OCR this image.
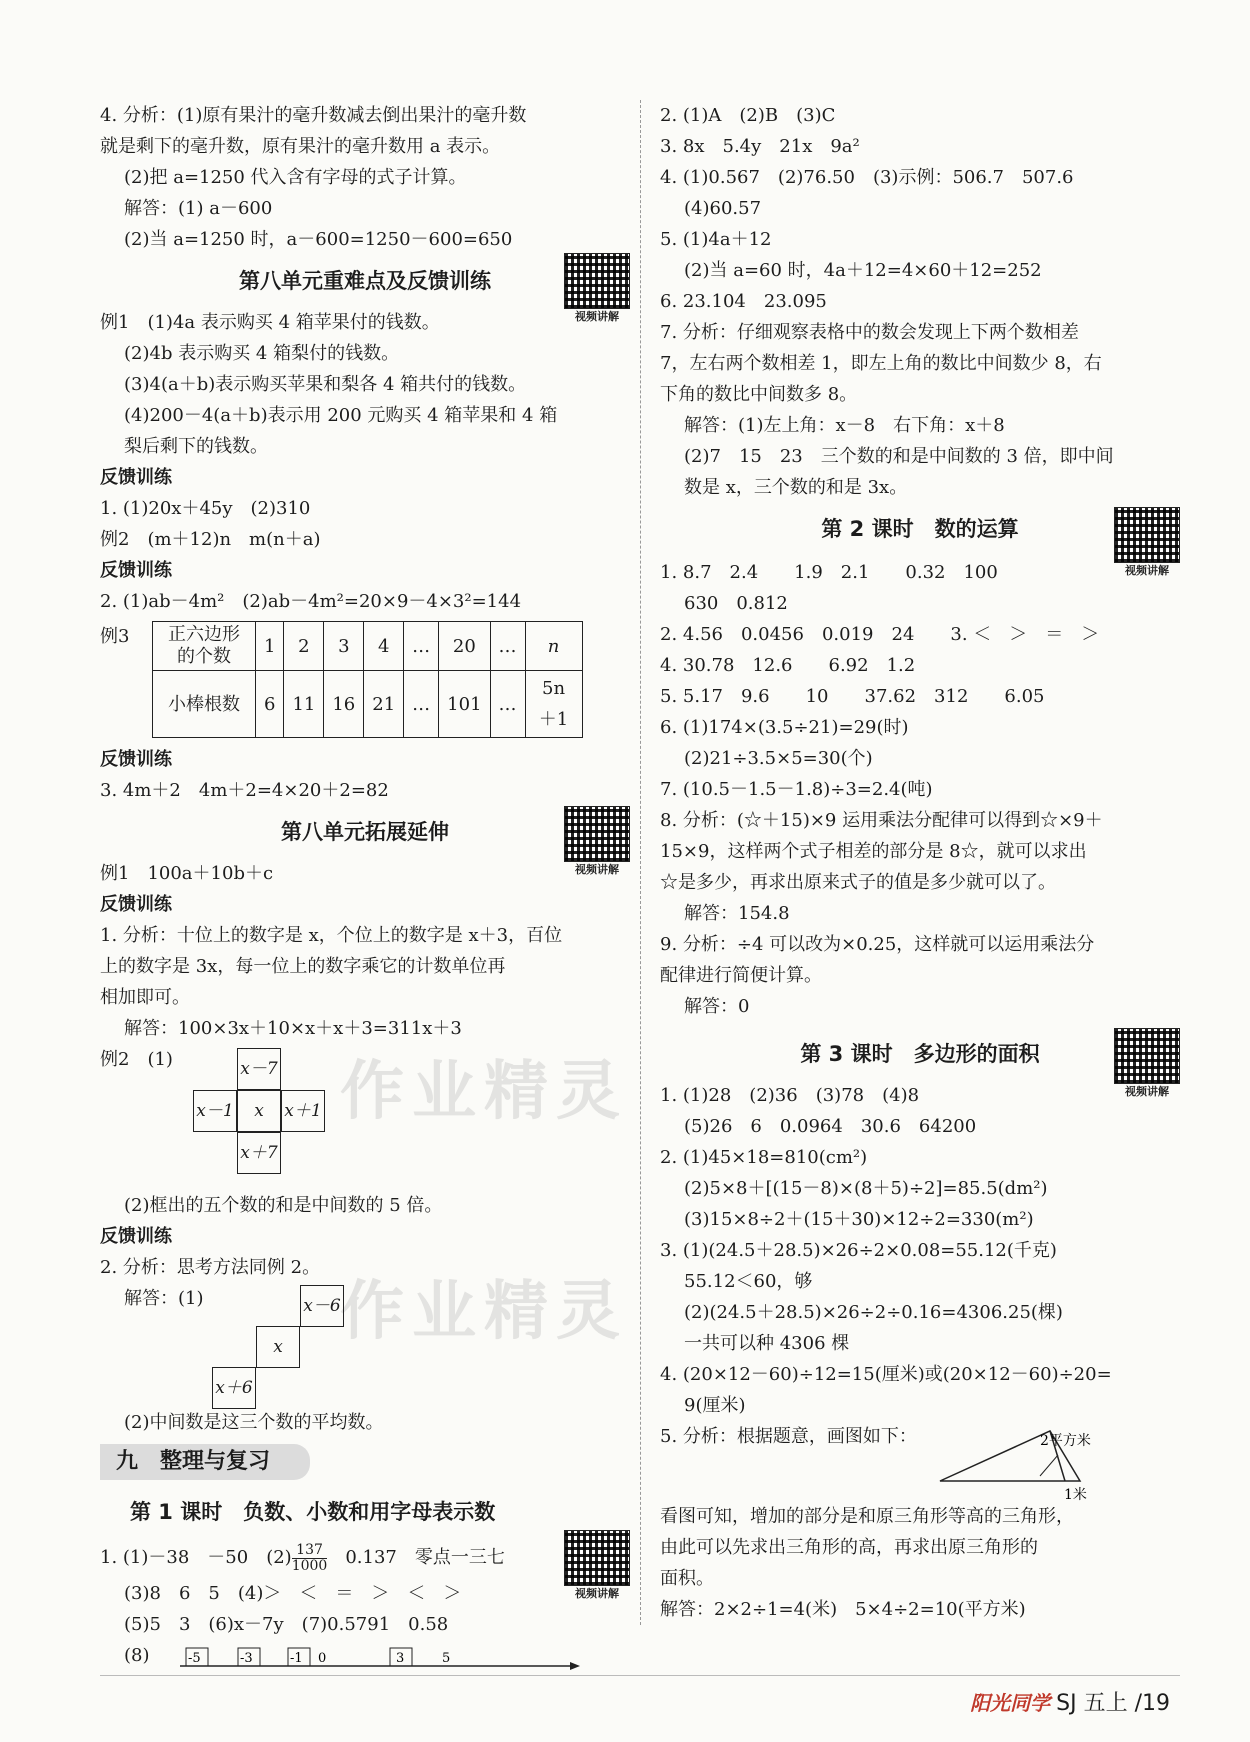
作业精灵
作业精灵
4. 分析：(1)原有果汁的毫升数减去倒出果汁的毫升数
就是剩下的毫升数，原有果汁的毫升数用 a 表示。
(2)把 a=1250 代入含有字母的式子计算。
解答：(1) a－600
(2)当 a=1250 时，a－600=1250－600=650
第八单元重难点及反馈训练
视频讲解
例1　(1)4a 表示购买 4 箱苹果付的钱数。
(2)4b 表示购买 4 箱梨付的钱数。
(3)4(a＋b)表示购买苹果和梨各 4 箱共付的钱数。
(4)200－4(a＋b)表示用 200 元购买 4 箱苹果和 4 箱
梨后剩下的钱数。
反馈训练
1. (1)20x＋45y　(2)310
例2　(m＋12)n　m(n＋a)
反馈训练
2. (1)ab－4m²　(2)ab－4m²=20×9－4×3²=144
例3 正六边形的个数	1	2	3	4	…	20	…	n
小棒根数	6	11	16	21	…	101	…	5n＋1
反馈训练
3. 4m＋2　4m＋2=4×20＋2=82
第八单元拓展延伸
视频讲解
例1　100a＋10b＋c
反馈训练
1. 分析：十位上的数字是 x，个位上的数字是 x＋3，百位
上的数字是 3x，每一位上的数字乘它的计数单位再
相加即可。
解答：100×3x＋10×x＋x＋3=311x＋3
例2　(1)	x－7
x－1	x	x＋1
x＋7
(2)框出的五个数的和是中间数的 5 倍。
反馈训练
2. 分析：思考方法同例 2。
解答：(1)	x－6
x
x＋6
(2)中间数是这三个数的平均数。
九　整理与复习
第 1 课时　负数、小数和用字母表示数
视频讲解
1. (1)－38　－50　$(2) \frac{137}{1000}$ 　0.137　零点一三七
(3)8　6　5　(4)＞　＜　＝　＞　＜　＞
(5)5　3　(6)x－7y　(7)0.5791　0.58
(8)	-5	-3	-1 0	3	5
2. (1)A　(2)B　(3)C
3. 8x　5.4y　21x　9a²
4. (1)0.567　(2)76.50　(3)示例：506.7　507.6
(4)60.57
5. (1)4a＋12
(2)当 a=60 时，4a＋12=4×60＋12=252
6. 23.104　23.095
7. 分析：仔细观察表格中的数会发现上下两个数相差
7，左右两个数相差 1，即左上角的数比中间数少 8，右
下角的数比中间数多 8。
解答：(1)左上角：x－8　右下角：x＋8
(2)7　15　23　三个数的和是中间数的 3 倍，即中间
数是 x，三个数的和是 3x。
第 2 课时　数的运算
视频讲解
1. 8.7　2.4　　1.9　2.1　　0.32　100
630　0.812
2. 4.56　0.0456　0.019　24　　3. ＜　＞　＝　＞
4. 30.78　12.6　　6.92　1.2
5. 5.17　9.6　　10　　37.62　312　　6.05
6. (1)174×(3.5÷21)=29(时)
(2)21÷3.5×5=30(个)
7. (10.5－1.5－1.8)÷3=2.4(吨)
8. 分析：(☆＋15)×9 运用乘法分配律可以得到☆×9＋
15×9，这样两个式子相差的部分是 8☆，就可以求出
☆是多少，再求出原来式子的值是多少就可以了。
解答：154.8
9. 分析：÷4 可以改为×0.25，这样就可以运用乘法分
配律进行简便计算。
解答：0
第 3 课时　多边形的面积
视频讲解
1. (1)28　(2)36　(3)78　(4)8
(5)26　6　0.0964　30.6　64200
2. (1)45×18=810(cm²)
(2)5×8＋[(15－8)×(8＋5)÷2]=85.5(dm²)
(3)15×8÷2＋(15＋30)×12÷2=330(m²)
3. (1)(24.5＋28.5)×26÷2×0.08=55.12(千克)
55.12＜60，够
(2)(24.5＋28.5)×26÷2÷0.16=4306.25(棵)
一共可以种 4306 棵
4. (20×12－60)÷12=15(厘米)或(20×12－60)÷20=
9(厘米)
5. 分析：根据题意，画图如下：	2平方米
1米
看图可知，增加的部分是和原三角形等高的三角形，
由此可以先求出三角形的高，再求出原三角形的
面积。
解答：2×2÷1=4(米)　5×4÷2=10(平方米)
阳光同学 SJ 五上 /19
